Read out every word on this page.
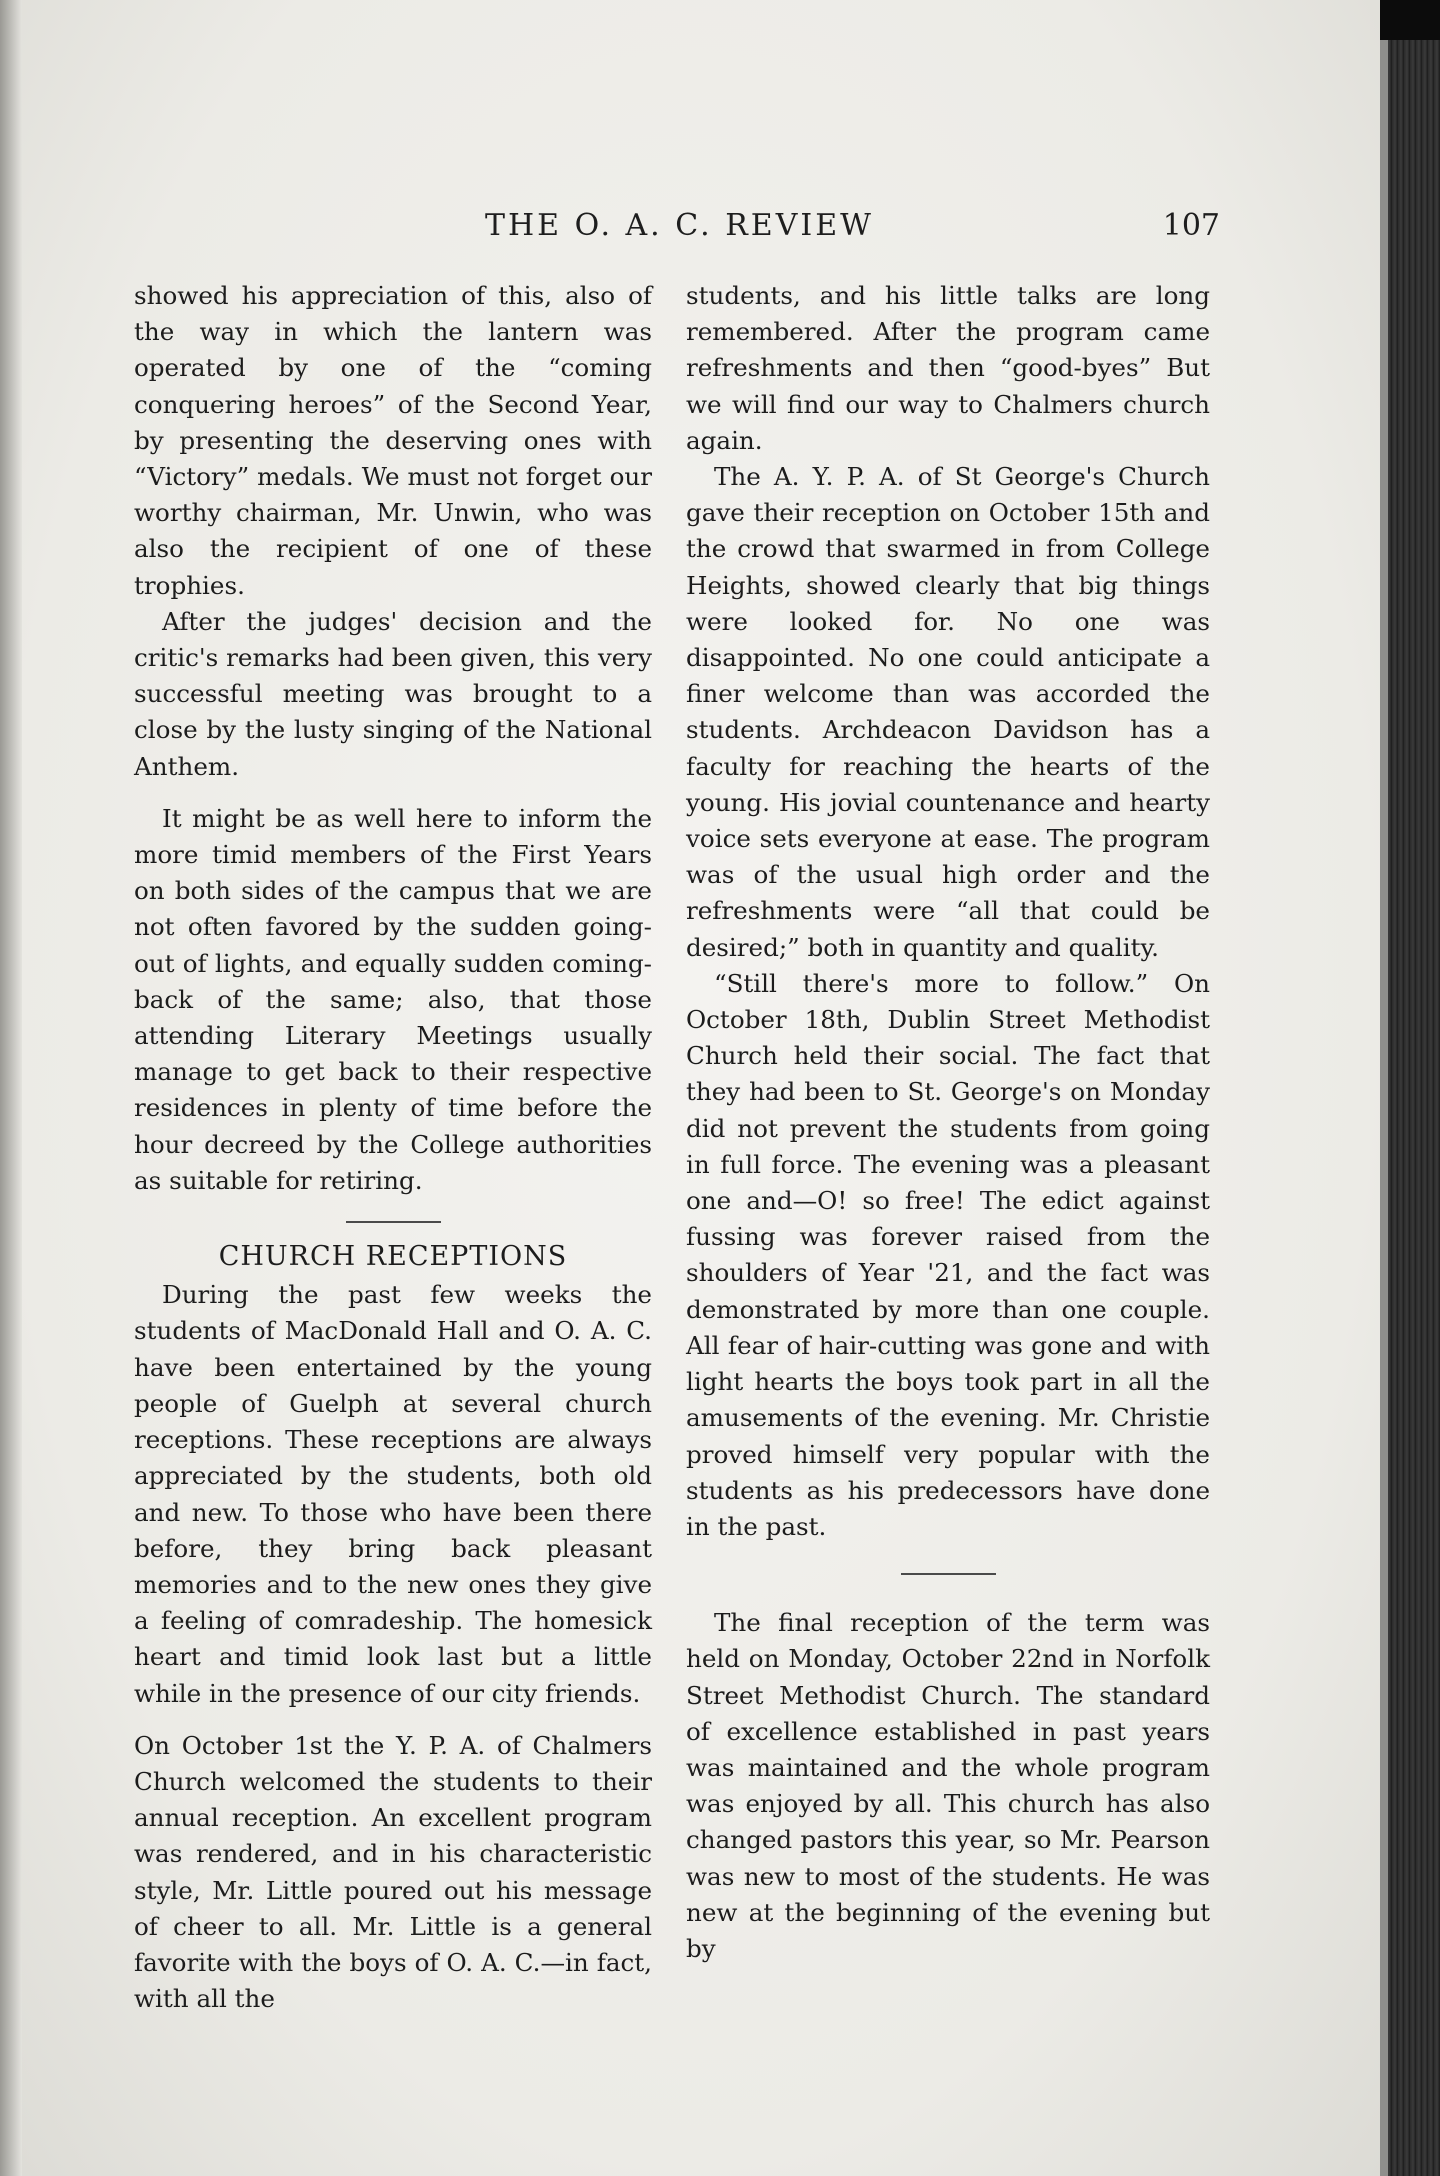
THE O. A. C. REVIEW	107

showed his appreciation of this, also of the way in which the lantern was operated by one of the “coming conquering heroes” of the Second Year, by presenting the deserving ones with “Victory” medals. We must not forget our worthy chairman, Mr. Unwin, who was also the recipient of one of these trophies.

After the judges' decision and the critic's remarks had been given, this very successful meeting was brought to a close by the lusty singing of the National Anthem.

It might be as well here to inform the more timid members of the First Years on both sides of the campus that we are not often favored by the sudden going-out of lights, and equally sudden coming-back of the same; also, that those attending Literary Meetings usually manage to get back to their respective residences in plenty of time before the hour decreed by the College authorities as suitable for retiring.

CHURCH RECEPTIONS

During the past few weeks the students of MacDonald Hall and O. A. C. have been entertained by the young people of Guelph at several church receptions. These receptions are always appreciated by the students, both old and new. To those who have been there before, they bring back pleasant memories and to the new ones they give a feeling of comradeship. The homesick heart and timid look last but a little while in the presence of our city friends.

On October 1st the Y. P. A. of Chalmers Church welcomed the students to their annual reception. An excellent program was rendered, and in his characteristic style, Mr. Little poured out his message of cheer to all. Mr. Little is a general favorite with the boys of O. A. C.—in fact, with all the

students, and his little talks are long remembered. After the program came refreshments and then “good-byes” But we will find our way to Chalmers church again.

The A. Y. P. A. of St George's Church gave their reception on October 15th and the crowd that swarmed in from College Heights, showed clearly that big things were looked for. No one was disappointed. No one could anticipate a finer welcome than was accorded the students. Archdeacon Davidson has a faculty for reaching the hearts of the young. His jovial countenance and hearty voice sets everyone at ease. The program was of the usual high order and the refreshments were “all that could be desired;” both in quantity and quality.

“Still there's more to follow.” On October 18th, Dublin Street Methodist Church held their social. The fact that they had been to St. George's on Monday did not prevent the students from going in full force. The evening was a pleasant one and—O! so free! The edict against fussing was forever raised from the shoulders of Year '21, and the fact was demonstrated by more than one couple. All fear of hair-cutting was gone and with light hearts the boys took part in all the amusements of the evening. Mr. Christie proved himself very popular with the students as his predecessors have done in the past.

The final reception of the term was held on Monday, October 22nd in Norfolk Street Methodist Church. The standard of excellence established in past years was maintained and the whole program was enjoyed by all. This church has also changed pastors this year, so Mr. Pearson was new to most of the students. He was new at the beginning of the evening but by
